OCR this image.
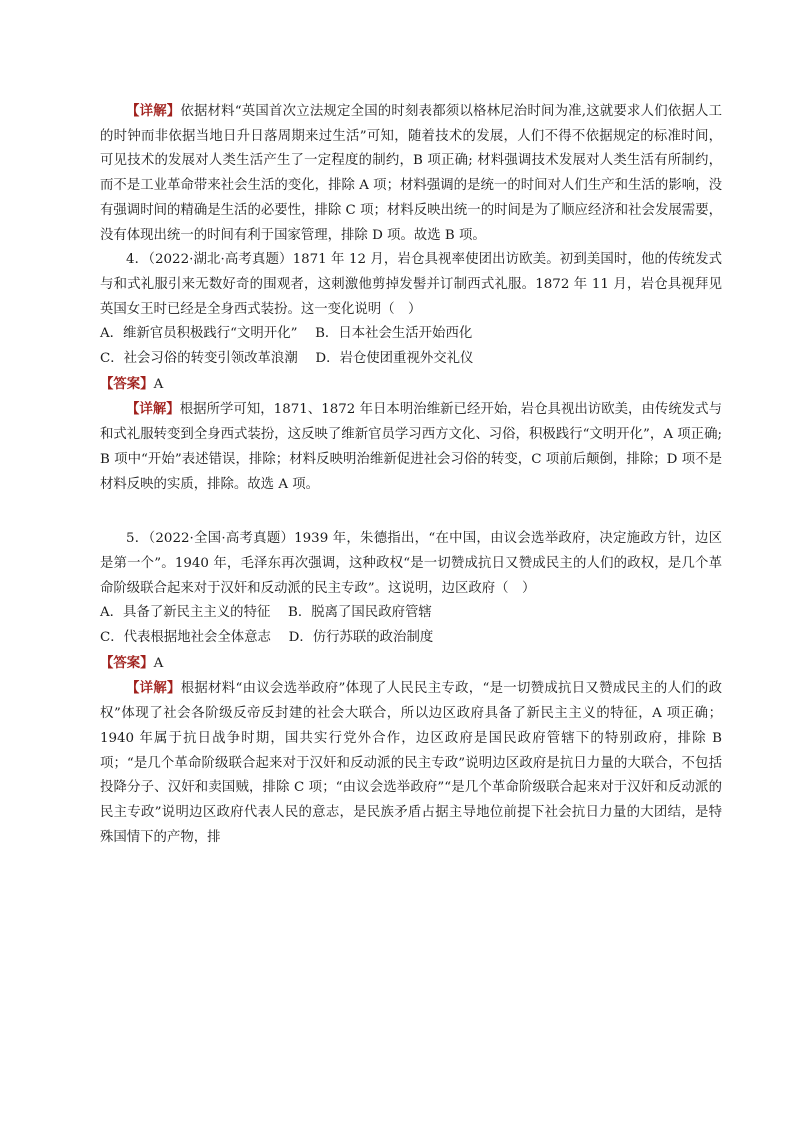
【详解】依据材料“英国首次立法规定全国的时刻表都须以格林尼治时间为准,这就要求人们依据人工的时钟而非依据当地日升日落周期来过生活”可知，随着技术的发展，人们不得不依据规定的标准时间，可见技术的发展对人类生活产生了一定程度的制约，B 项正确; 材料强调技术发展对人类生活有所制约，而不是工业革命带来社会生活的变化，排除 A 项；材料强调的是统一的时间对人们生产和生活的影响，没有强调时间的精确是生活的必要性，排除 C 项；材料反映出统一的时间是为了顺应经济和社会发展需要，没有体现出统一的时间有利于国家管理，排除 D 项。故选 B 项。

4．（2022·湖北·高考真题）1871 年 12 月，岩仓具视率使团出访欧美。初到美国时，他的传统发式与和式礼服引来无数好奇的围观者，这刺激他剪掉发髻并订制西式礼服。1872 年 11 月，岩仓具视拜见英国女王时已经是全身西式装扮。这一变化说明（　）

A．维新官员积极践行“文明开化”　 B．日本社会生活开始西化
C．社会习俗的转变引领改革浪潮　 D．岩仓使团重视外交礼仪

【答案】A

【详解】根据所学可知，1871、1872 年日本明治维新已经开始，岩仓具视出访欧美，由传统发式与和式礼服转变到全身西式装扮，这反映了维新官员学习西方文化、习俗，积极践行“文明开化”，A 项正确; B 项中“开始”表述错误，排除；材料反映明治维新促进社会习俗的转变，C 项前后颠倒，排除；D 项不是材料反映的实质，排除。故选 A 项。

5．（2022·全国·高考真题）1939 年，朱德指出，“在中国，由议会选举政府，决定施政方针，边区是第一个”。1940 年，毛泽东再次强调，这种政权“是一切赞成抗日又赞成民主的人们的政权，是几个革命阶级联合起来对于汉奸和反动派的民主专政”。这说明，边区政府（　）

A．具备了新民主主义的特征　 B．脱离了国民政府管辖
C．代表根据地社会全体意志　 D．仿行苏联的政治制度

【答案】A

【详解】根据材料“由议会选举政府”体现了人民民主专政，“是一切赞成抗日又赞成民主的人们的政权”体现了社会各阶级反帝反封建的社会大联合，所以边区政府具备了新民主主义的特征，A 项正确；1940 年属于抗日战争时期，国共实行党外合作，边区政府是国民政府管辖下的特别政府，排除 B 项；“是几个革命阶级联合起来对于汉奸和反动派的民主专政”说明边区政府是抗日力量的大联合，不包括投降分子、汉奸和卖国贼，排除 C 项；“由议会选举政府”“是几个革命阶级联合起来对于汉奸和反动派的民主专政”说明边区政府代表人民的意志，是民族矛盾占据主导地位前提下社会抗日力量的大团结，是特殊国情下的产物，排
